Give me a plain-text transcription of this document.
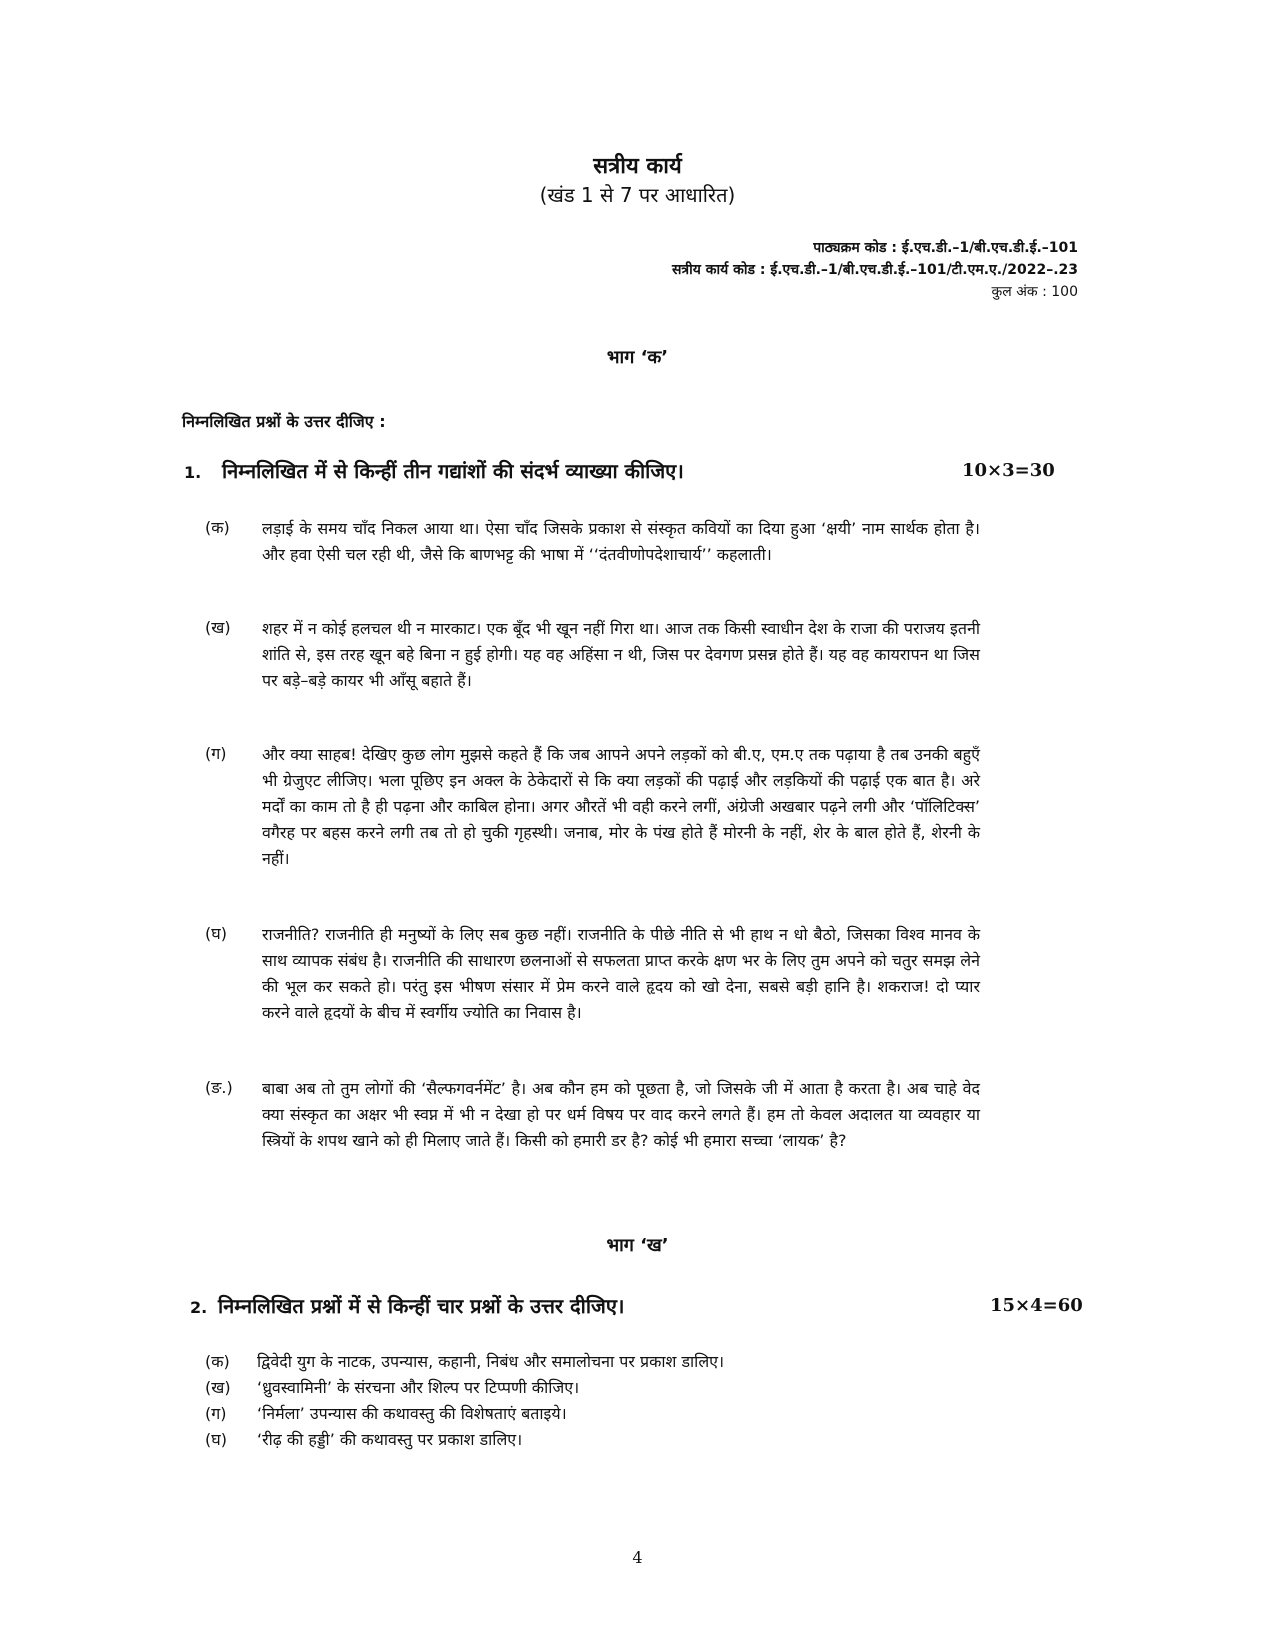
सत्रीय कार्य
(खंड 1 से 7 पर आधारित)
पाठ्यक्रम कोड : ई.एच.डी.–1/बी.एच.डी.ई.–101
सत्रीय कार्य कोड : ई.एच.डी.–1/बी.एच.डी.ई.–101/टी.एम.ए./2022–.23
कुल अंक : 100
भाग ‘क’
निम्नलिखित प्रश्नों के उत्तर दीजिए :
1. निम्नलिखित में से किन्हीं तीन गद्यांशों की संदर्भ व्याख्या कीजिए।	10×3=30
(क) लड़ाई के समय चाँद निकल आया था। ऐसा चाँद जिसके प्रकाश से संस्कृत कवियों का दिया हुआ ‘क्षयी’ नाम सार्थक होता है। और हवा ऐसी चल रही थी, जैसे कि बाणभट्ट की भाषा में ‘‘दंतवीणोपदेशाचार्य’’ कहलाती।
(ख) शहर में न कोई हलचल थी न मारकाट। एक बूँद भी खून नहीं गिरा था। आज तक किसी स्वाधीन देश के राजा की पराजय इतनी शांति से, इस तरह खून बहे बिना न हुई होगी। यह वह अहिंसा न थी, जिस पर देवगण प्रसन्न होते हैं। यह वह कायरापन था जिस पर बड़े–बड़े कायर भी आँसू बहाते हैं।
(ग) और क्या साहब! देखिए कुछ लोग मुझसे कहते हैं कि जब आपने अपने लड़कों को बी.ए, एम.ए तक पढ़ाया है तब उनकी बहुएँ भी ग्रेजुएट लीजिए। भला पूछिए इन अक्ल के ठेकेदारों से कि क्या लड़कों की पढ़ाई और लड़कियों की पढ़ाई एक बात है। अरे मर्दों का काम तो है ही पढ़ना और काबिल होना। अगर औरतें भी वही करने लगीं, अंग्रेजी अखबार पढ़ने लगी और ‘पॉलिटिक्स’ वगैरह पर बहस करने लगी तब तो हो चुकी गृहस्थी। जनाब, मोर के पंख होते हैं मोरनी के नहीं, शेर के बाल होते हैं, शेरनी के नहीं।
(घ) राजनीति? राजनीति ही मनुष्यों के लिए सब कुछ नहीं। राजनीति के पीछे नीति से भी हाथ न धो बैठो, जिसका विश्व मानव के साथ व्यापक संबंध है। राजनीति की साधारण छलनाओं से सफलता प्राप्त करके क्षण भर के लिए तुम अपने को चतुर समझ लेने की भूल कर सकते हो। परंतु इस भीषण संसार में प्रेम करने वाले हृदय को खो देना, सबसे बड़ी हानि है। शकराज! दो प्यार करने वाले हृदयों के बीच में स्वर्गीय ज्योति का निवास है।
(ङ.) बाबा अब तो तुम लोगों की ‘सैल्फगवर्नमेंट’ है। अब कौन हम को पूछता है, जो जिसके जी में आता है करता है। अब चाहे वेद क्या संस्कृत का अक्षर भी स्वप्न में भी न देखा हो पर धर्म विषय पर वाद करने लगते हैं। हम तो केवल अदालत या व्यवहार या स्त्रियों के शपथ खाने को ही मिलाए जाते हैं। किसी को हमारी डर है? कोई भी हमारा सच्चा ‘लायक’ है?
भाग ‘ख’
2. निम्नलिखित प्रश्नों में से किन्हीं चार प्रश्नों के उत्तर दीजिए।	15×4=60
(क) द्विवेदी युग के नाटक, उपन्यास, कहानी, निबंध और समालोचना पर प्रकाश डालिए।
(ख) ‘ध्रुवस्वामिनी’ के संरचना और शिल्प पर टिप्पणी कीजिए।
(ग) ‘निर्मला’ उपन्यास की कथावस्तु की विशेषताएं बताइये।
(घ) ‘रीढ़ की हड्डी’ की कथावस्तु पर प्रकाश डालिए।
4
